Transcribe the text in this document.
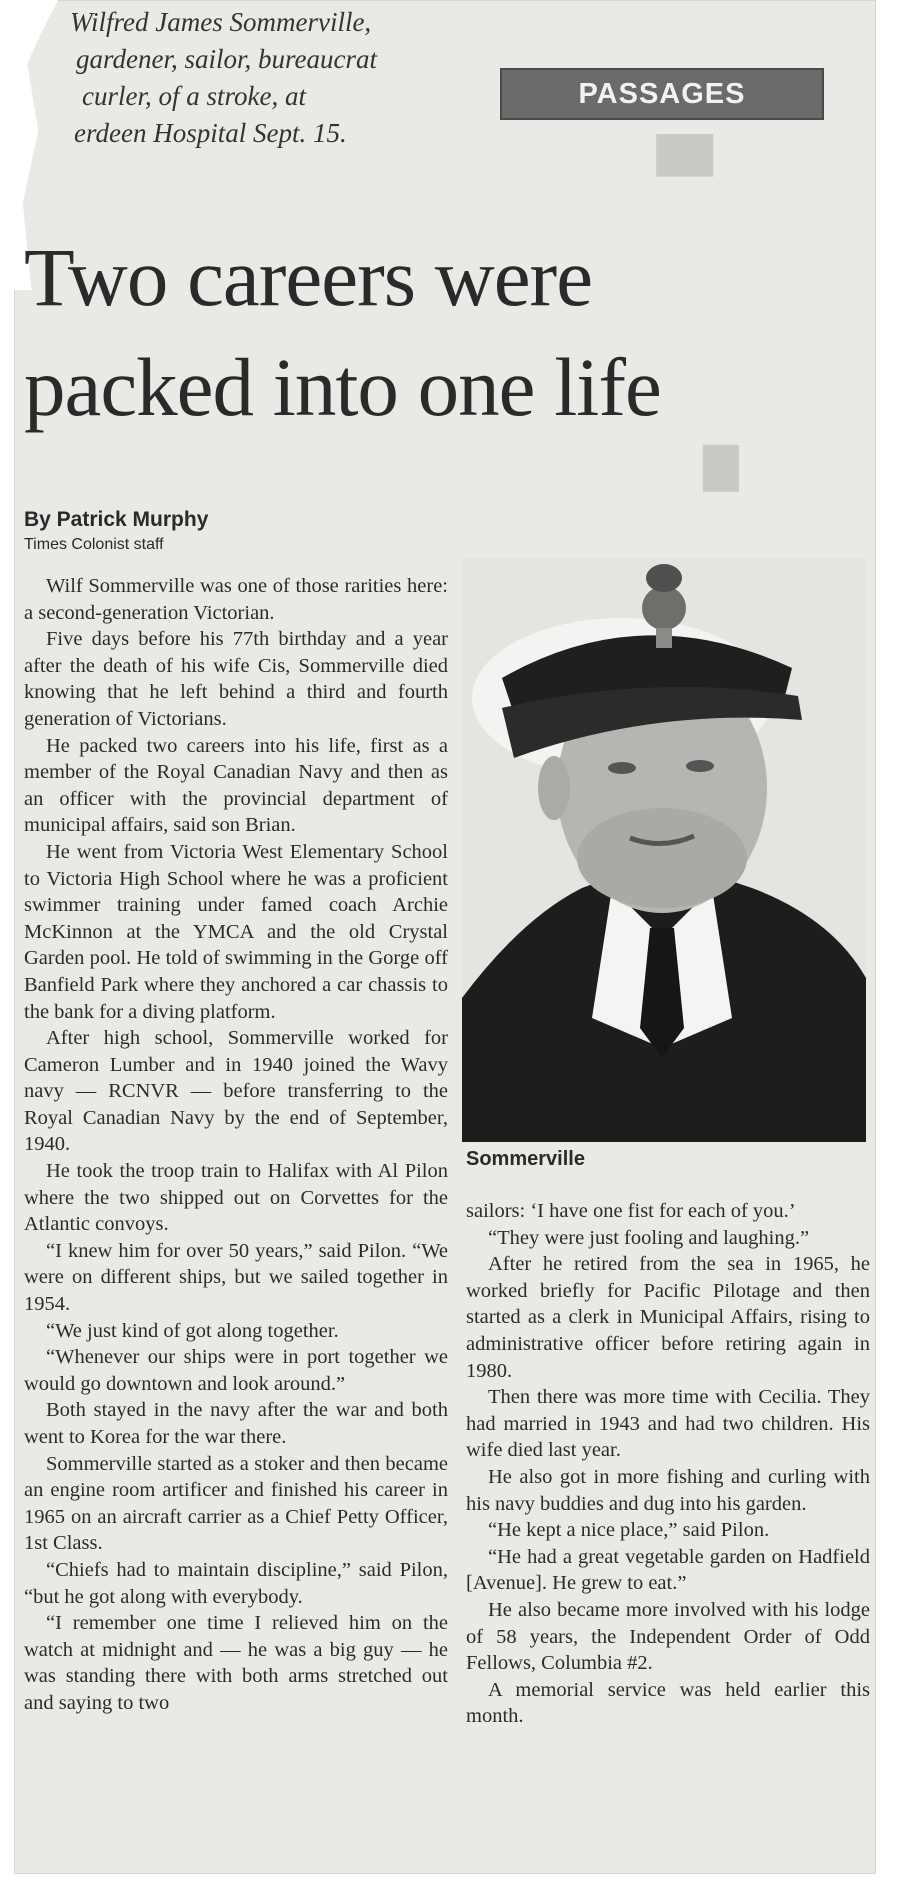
▇▇
▇
Wilfred James Sommerville,
gardener, sailor, bureaucrat
curler, of a stroke, at
erdeen Hospital Sept. 15.
PASSAGES
Two careers were
packed into one life
By Patrick Murphy
Times Colonist staff

Wilf Sommerville was one of those rarities here: a second-generation Victorian.

Five days before his 77th birthday and a year after the death of his wife Cis, Sommerville died knowing that he left behind a third and fourth generation of Victorians.

He packed two careers into his life, first as a member of the Royal Canadian Navy and then as an officer with the provincial department of municipal affairs, said son Brian.

He went from Victoria West Elementary School to Victoria High School where he was a proficient swimmer training under famed coach Archie McKinnon at the YMCA and the old Crystal Garden pool. He told of swimming in the Gorge off Banfield Park where they anchored a car chassis to the bank for a diving platform.

After high school, Sommerville worked for Cameron Lumber and in 1940 joined the Wavy navy — RCNVR — before transferring to the Royal Canadian Navy by the end of September, 1940.

He took the troop train to Halifax with Al Pilon where the two shipped out on Corvettes for the Atlantic convoys.

“I knew him for over 50 years,” said Pilon. “We were on different ships, but we sailed together in 1954.

“We just kind of got along together.

“Whenever our ships were in port together we would go downtown and look around.”

Both stayed in the navy after the war and both went to Korea for the war there.

Sommerville started as a stoker and then became an engine room artificer and finished his career in 1965 on an aircraft carrier as a Chief Petty Officer, 1st Class.

“Chiefs had to maintain discipline,” said Pilon, “but he got along with everybody.

“I remember one time I relieved him on the watch at midnight and — he was a big guy — he was standing there with both arms stretched out and saying to two

Sommerville

sailors: ‘I have one fist for each of you.’

“They were just fooling and laughing.”

After he retired from the sea in 1965, he worked briefly for Pacific Pilotage and then started as a clerk in Municipal Affairs, rising to administrative officer before retiring again in 1980.

Then there was more time with Cecilia. They had married in 1943 and had two children. His wife died last year.

He also got in more fishing and curling with his navy buddies and dug into his garden.

“He kept a nice place,” said Pilon.

“He had a great vegetable garden on Hadfield [Avenue]. He grew to eat.”

He also became more involved with his lodge of 58 years, the Independent Order of Odd Fellows, Columbia #2.

A memorial service was held earlier this month.
